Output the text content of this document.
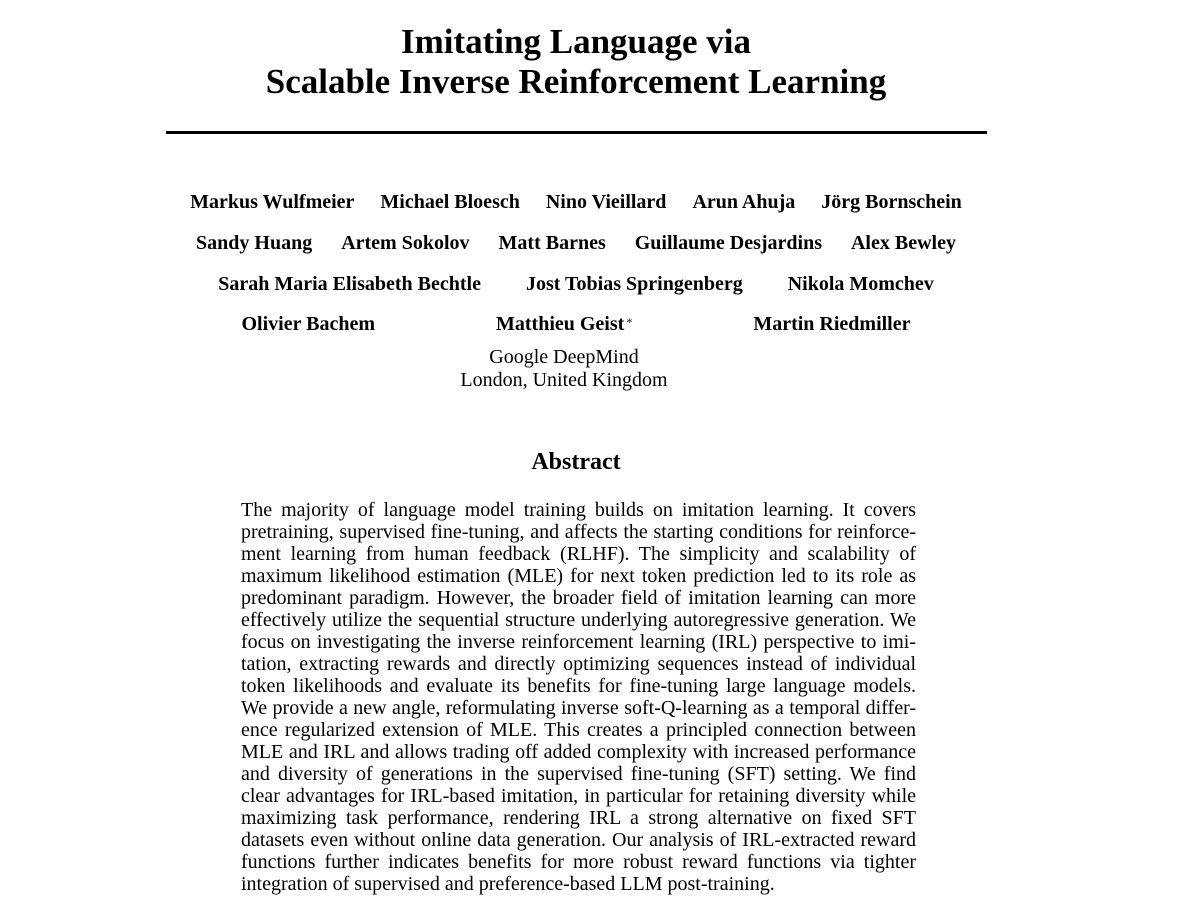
Imitating Language via
Scalable Inverse Reinforcement Learning
Markus Wulfmeier Michael Bloesch Nino Vieillard Arun Ahuja Jörg Bornschein
Sandy Huang Artem Sokolov Matt Barnes Guillaume Desjardins Alex Bewley
Sarah Maria Elisabeth Bechtle Jost Tobias Springenberg Nikola Momchev
Olivier Bachem	Matthieu Geist *	Martin Riedmiller
Google DeepMind
London, United Kingdom
Abstract
The majority of language model training builds on imitation learning. It covers
pretraining, supervised fine-tuning, and affects the starting conditions for reinforce-
ment learning from human feedback (RLHF). The simplicity and scalability of
maximum likelihood estimation (MLE) for next token prediction led to its role as
predominant paradigm. However, the broader field of imitation learning can more
effectively utilize the sequential structure underlying autoregressive generation. We
focus on investigating the inverse reinforcement learning (IRL) perspective to imi-
tation, extracting rewards and directly optimizing sequences instead of individual
token likelihoods and evaluate its benefits for fine-tuning large language models.
We provide a new angle, reformulating inverse soft-Q-learning as a temporal differ-
ence regularized extension of MLE. This creates a principled connection between
MLE and IRL and allows trading off added complexity with increased performance
and diversity of generations in the supervised fine-tuning (SFT) setting. We find
clear advantages for IRL-based imitation, in particular for retaining diversity while
maximizing task performance, rendering IRL a strong alternative on fixed SFT
datasets even without online data generation. Our analysis of IRL-extracted reward
functions further indicates benefits for more robust reward functions via tighter
integration of supervised and preference-based LLM post-training.
